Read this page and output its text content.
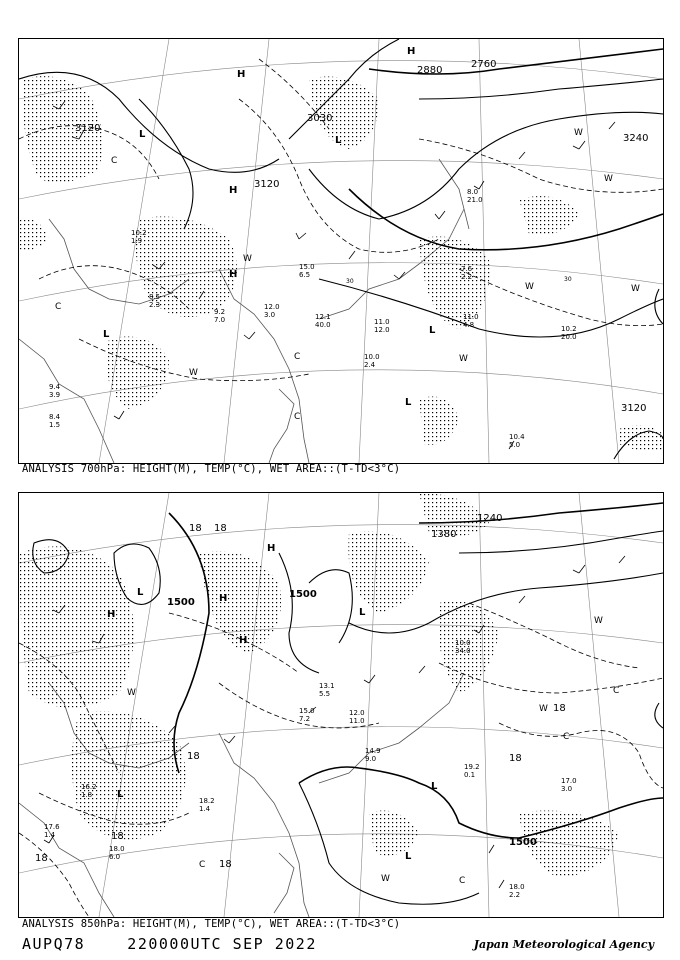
3120
3030
3120
2880
2760
3240
3120
30	30
H
H
H
H
L
L
L	L
L
C
C
C
C
W
W
W
W
W
W
W
10.2 20.0
10.4 5.0
11.0 4.8
10.2 1.9
9.4 3.9
8.4 1.5
12.0 3.0
11.0 12.0
15.0 6.5
10.0 2.4
8.5 2.3
9.2 7.0
7.6 2.2
8.0 21.0
12.1 40.0
ANALYSIS 700hPa: HEIGHT(M), TEMP(°C), WET AREA::(T-TD<3°C)
1500
1500
1380
1240
1500
18 18
18
18
18
18
18	18
H
H
H
H
L
L
L
L
L
C
C
C
C
W
W
W
W
18.0 2.2
17.0 3.0
19.2 0.1
16.2 1.8
17.6 1.4
18.0 6.0
14.9 9.0
15.0 7.2
13.1 5.5
12.0 11.0
10.0 34.0
18.2 1.4
ANALYSIS 850hPa: HEIGHT(M), TEMP(°C), WET AREA::(T-TD<3°C)
AUPQ78    220000UTC SEP 2022	Japan Meteorological Agency
